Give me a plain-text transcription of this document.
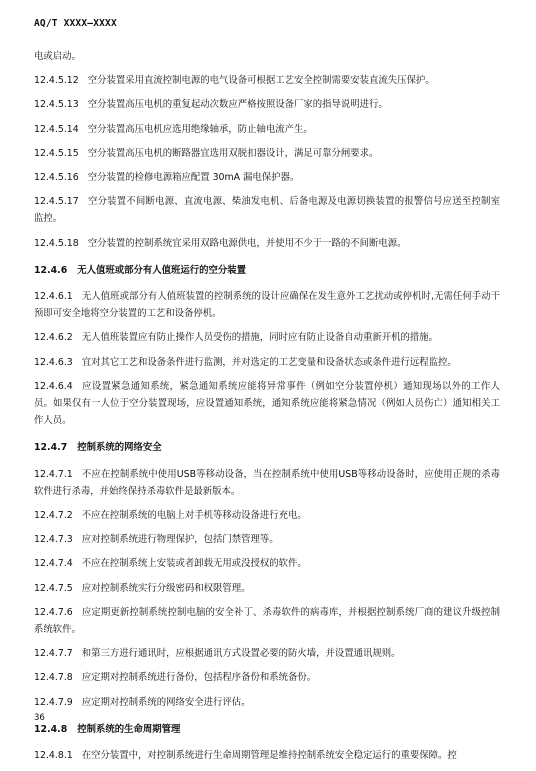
AQ/T XXXX—XXXX
电或启动。
12.4.5.12 空分装置采用直流控制电源的电气设备可根据工艺安全控制需要安装直流失压保护。
12.4.5.13 空分装置高压电机的重复起动次数应严格按照设备厂家的指导说明进行。
12.4.5.14 空分装置高压电机应选用绝缘轴承，防止轴电流产生。
12.4.5.15 空分装置高压电机的断路器宜选用双脱扣器设计，满足可靠分闸要求。
12.4.5.16 空分装置的检修电源箱应配置 30mA 漏电保护器。
12.4.5.17 空分装置不间断电源、直流电源、柴油发电机、后备电源及电源切换装置的报警信号应送至控制室监控。
12.4.5.18 空分装置的控制系统宜采用双路电源供电，并使用不少于一路的不间断电源。
12.4.6 无人值班或部分有人值班运行的空分装置
12.4.6.1 无人值班或部分有人值班装置的控制系统的设计应确保在发生意外工艺扰动或停机时,无需任何手动干预即可安全地将空分装置的工艺和设备停机。
12.4.6.2 无人值班装置应有防止操作人员受伤的措施，同时应有防止设备自动重新开机的措施。
12.4.6.3 宜对其它工艺和设备条件进行监测，并对选定的工艺变量和设备状态或条件进行远程监控。
12.4.6.4 应设置紧急通知系统，紧急通知系统应能将异常事件（例如空分装置停机）通知现场以外的工作人员。如果仅有一人位于空分装置现场，应设置通知系统，通知系统应能将紧急情况（例如人员伤亡）通知相关工作人员。
12.4.7 控制系统的网络安全
12.4.7.1 不应在控制系统中使用USB等移动设备，当在控制系统中使用USB等移动设备时，应使用正规的杀毒软件进行杀毒，并始终保持杀毒软件是最新版本。
12.4.7.2 不应在控制系统的电脑上对手机等移动设备进行充电。
12.4.7.3 应对控制系统进行物理保护，包括门禁管理等。
12.4.7.4 不应在控制系统上安装或者卸载无用或没授权的软件。
12.4.7.5 应对控制系统实行分级密码和权限管理。
12.4.7.6 应定期更新控制系统控制电脑的安全补丁、杀毒软件的病毒库，并根据控制系统厂商的建议升级控制系统软件。
12.4.7.7 和第三方进行通讯时，应根据通讯方式设置必要的防火墙，并设置通讯规则。
12.4.7.8 应定期对控制系统进行备份，包括程序备份和系统备份。
12.4.7.9 应定期对控制系统的网络安全进行评估。
12.4.8 控制系统的生命周期管理
12.4.8.1 在空分装置中，对控制系统进行生命周期管理是维持控制系统安全稳定运行的重要保障。控
36
